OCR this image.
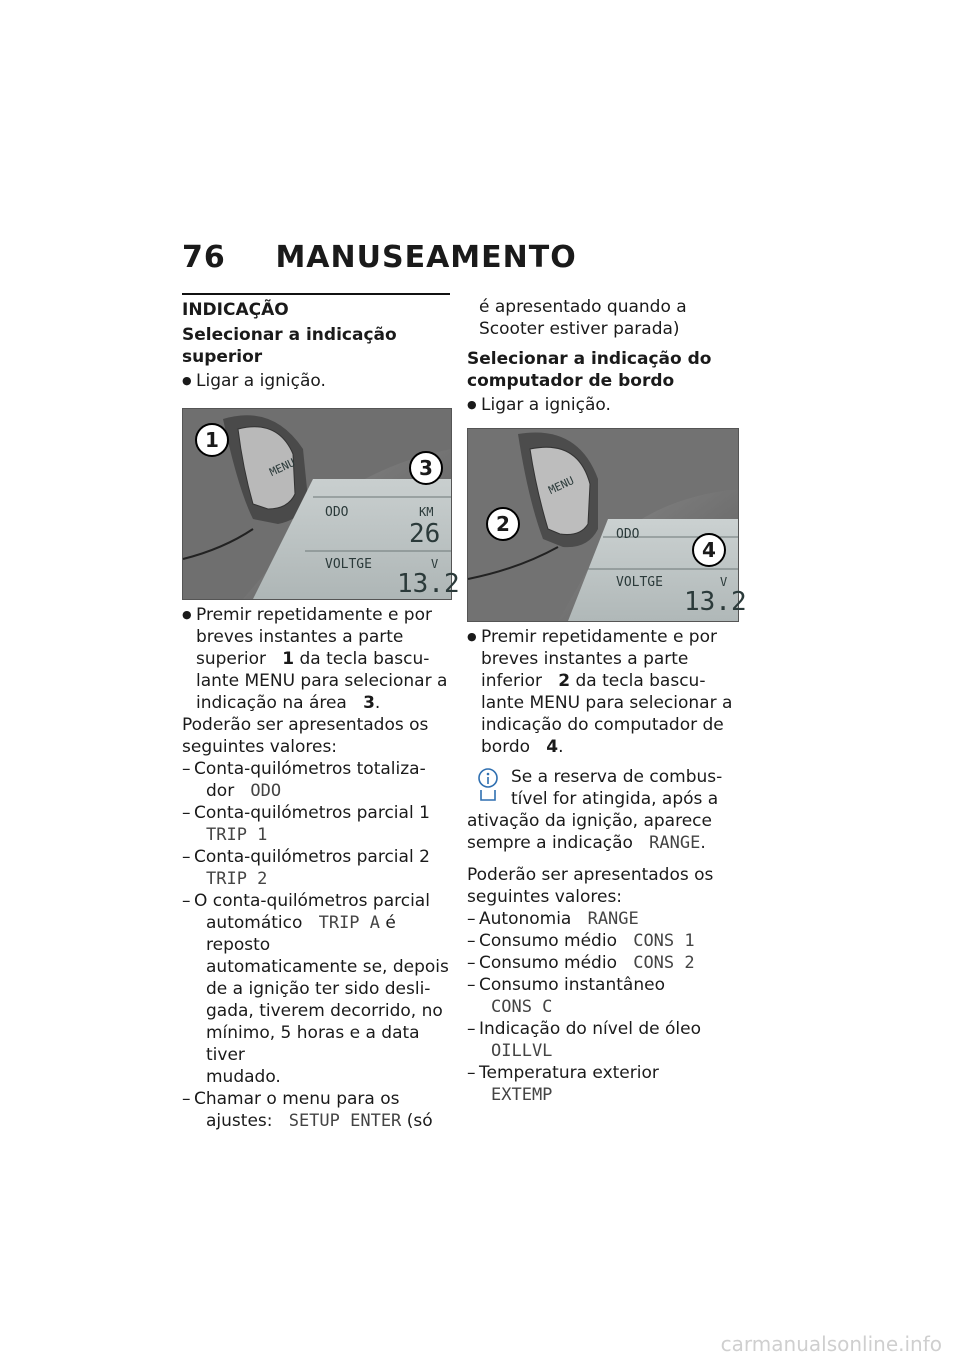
76 MANUSEAMENTO
INDICAÇÃO

Selecionar a indicação superior

● Ligar a ignição.

MENU
ODO	KM
26
VOLTGE	V
13.2
1
3

● Premir repetidamente e por

breves instantes a parte

superior 1 da tecla bascu-

lante MENU para selecionar a

indicação na área 3.

Poderão ser apresentados os

seguintes valores:

– Conta-quilómetros totaliza-

dor ODO

– Conta-quilómetros parcial 1

TRIP 1

– Conta-quilómetros parcial 2

TRIP 2

– O conta-quilómetros parcial

automático TRIP A é reposto

automaticamente se, depois

de a ignição ter sido desli-

gada, tiverem decorrido, no

mínimo, 5 horas e a data tiver

mudado.

– Chamar o menu para os

ajustes: SETUP ENTER (só

é apresentado quando a

Scooter estiver parada)

Selecionar a indicação do

computador de bordo

● Ligar a ignição.

MENU
ODO
VOLTGE	V
13.2
2
4

● Premir repetidamente e por

breves instantes a parte

inferior 2 da tecla bascu-

lante MENU para selecionar a

indicação do computador de

bordo 4.

Se a reserva de combus-

tível for atingida, após a

ativação da ignição, aparece

sempre a indicação RANGE.

Poderão ser apresentados os

seguintes valores:

– Autonomia RANGE

– Consumo médio CONS 1

– Consumo médio CONS 2

– Consumo instantâneo

CONS C

– Indicação do nível de óleo

OILLVL

– Temperatura exterior

EXTEMP

carmanualsonline.info
